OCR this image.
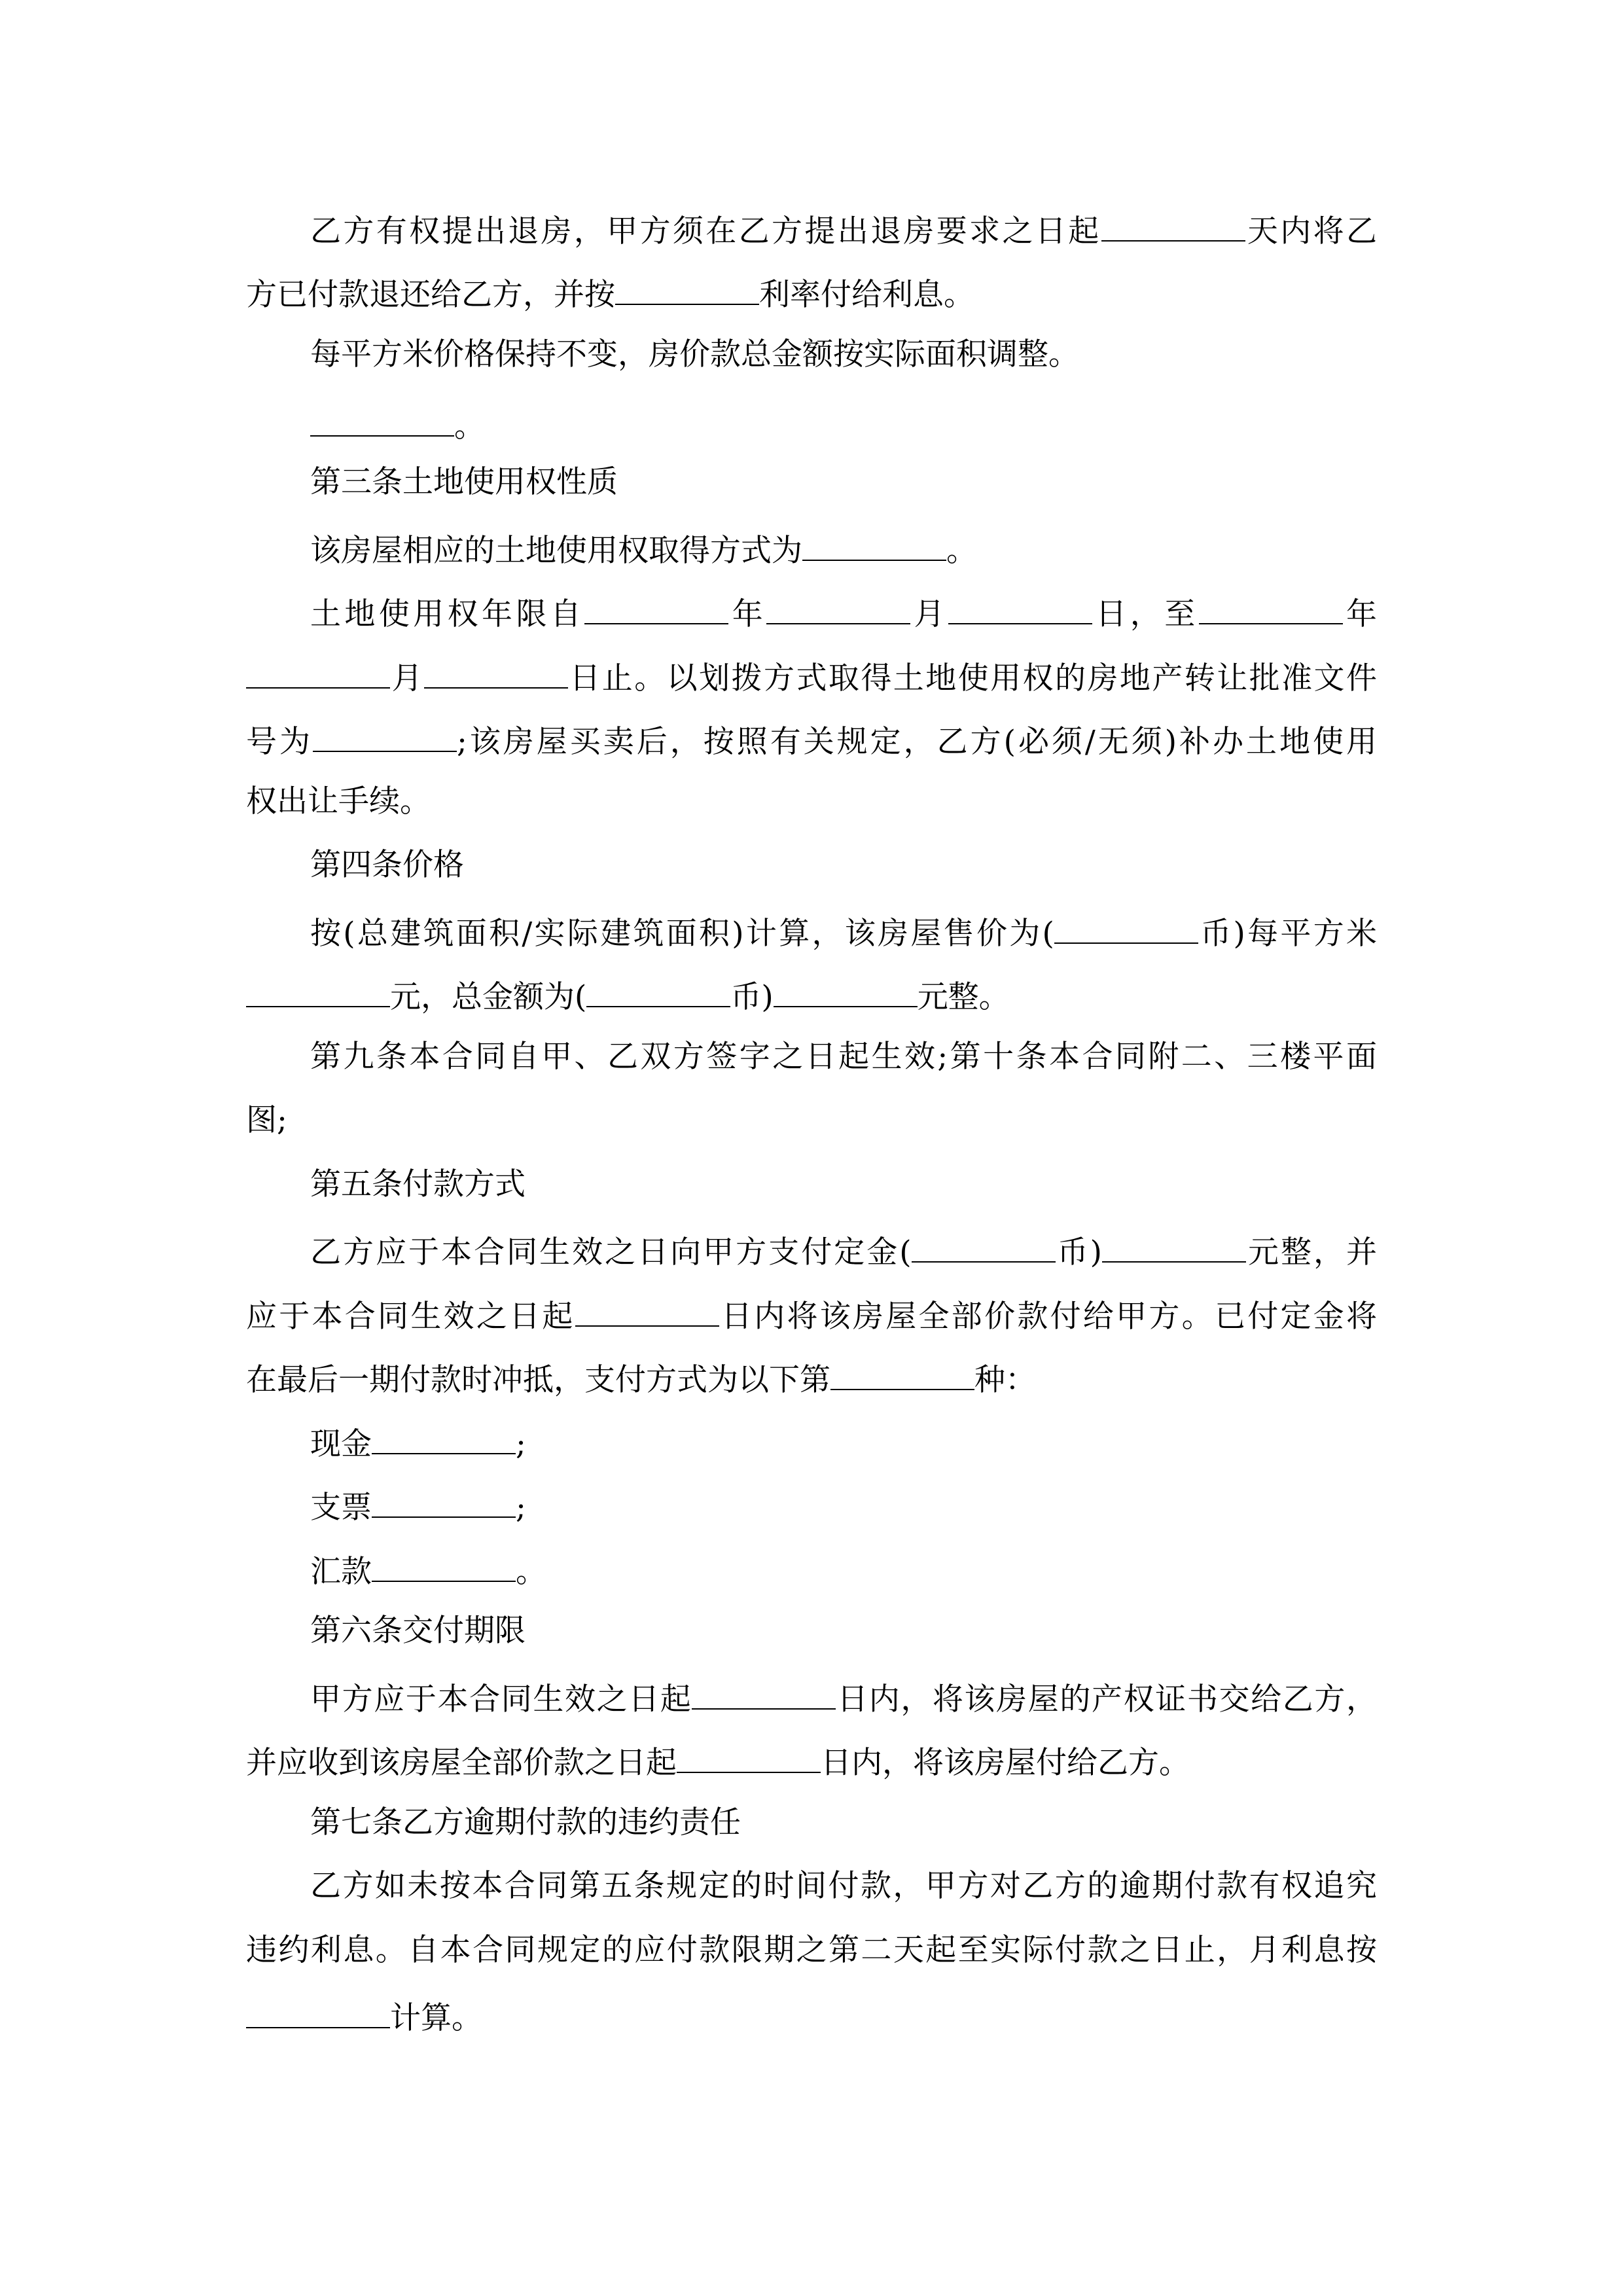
乙方有权提出退房，甲方须在乙方提出退房要求之日起	天内将乙
方已付款退还给乙方，并按	利率付给利息。
每平方米价格保持不变，房价款总金额按实际面积调整。
。
第三条土地使用权性质
该房屋相应的土地使用权取得方式为	。
土地使用权年限自	年	月	日，至	年
月	日止。以划拨方式取得土地使用权的房地产转让批准文件
号为	;该房屋买卖后，按照有关规定，乙方(必须/无须)补办土地使用
权出让手续。
第四条价格
按(总建筑面积/实际建筑面积)计算，该房屋售价为(	币)每平方米
元，总金额为(	币)	元整。
第九条本合同自甲、乙双方签字之日起生效;第十条本合同附二、三楼平面
图;
第五条付款方式
乙方应于本合同生效之日向甲方支付定金(	币)	元整，并
应于本合同生效之日起	日内将该房屋全部价款付给甲方。已付定金将
在最后一期付款时冲抵，支付方式为以下第	种：
现金	;
支票	;
汇款	。
第六条交付期限
甲方应于本合同生效之日起	日内，将该房屋的产权证书交给乙方，
并应收到该房屋全部价款之日起	日内，将该房屋付给乙方。
第七条乙方逾期付款的违约责任
乙方如未按本合同第五条规定的时间付款，甲方对乙方的逾期付款有权追究
违约利息。自本合同规定的应付款限期之第二天起至实际付款之日止，月利息按
计算。
